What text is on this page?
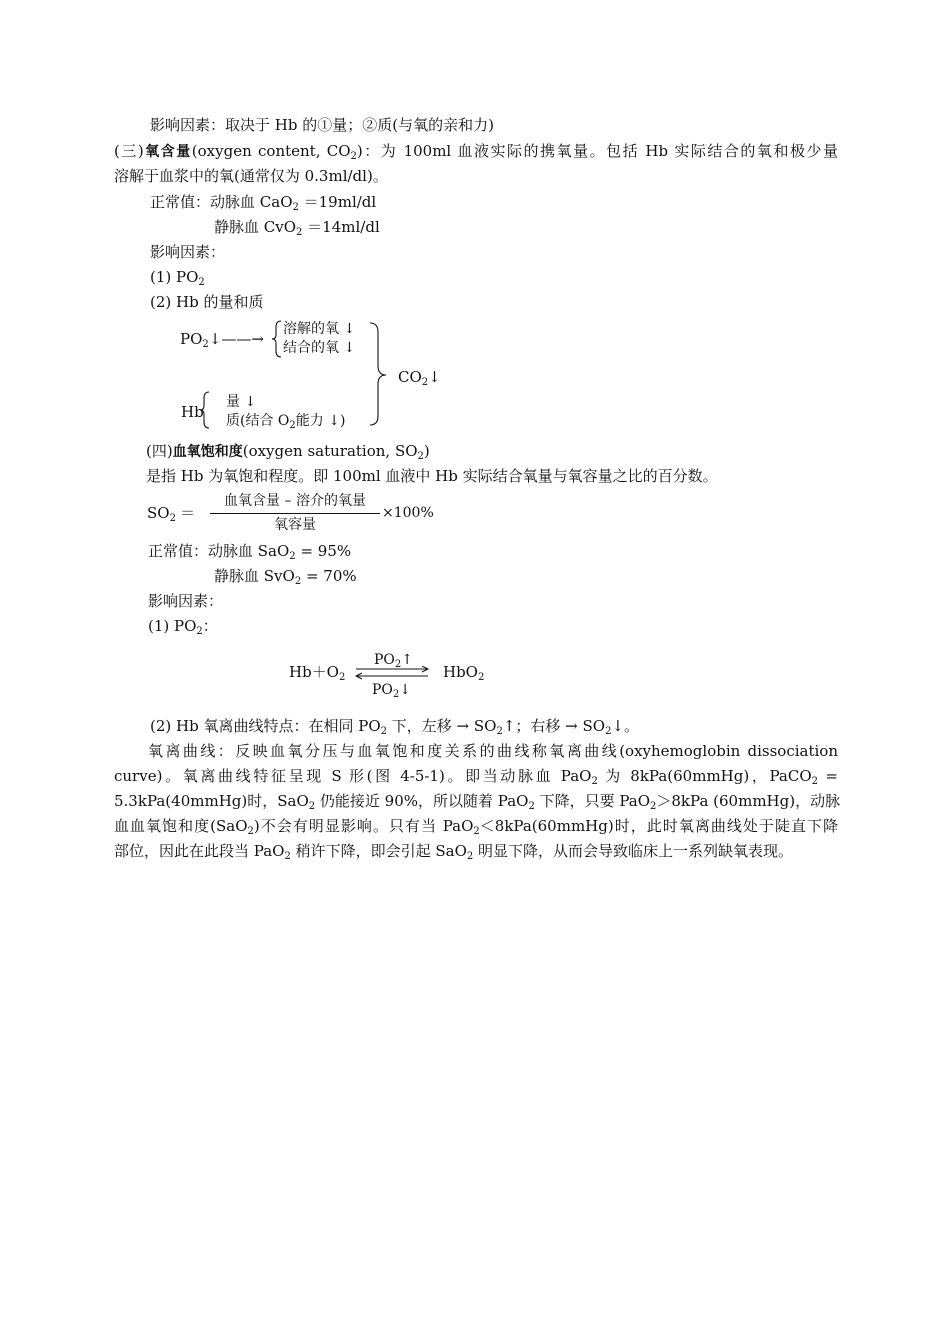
影响因素：取决于 Hb 的①量；②质(与氧的亲和力)
(三)氧含量(oxygen content, $CO_2$)：为 100ml 血液实际的携氧量。包括 Hb 实际结合的氧和极少量
溶解于血浆中的氧(通常仅为 0.3ml/dl)。
正常值：动脉血 CaO$_2$ ＝19ml/dl
静脉血 CvO$_2$ ＝14ml/dl
影响因素：
(1) $PO_2$
(2) Hb 的量和质
$PO_2↓——\to$
溶解的氧 ↓
结合的氧 ↓
$CO_2↓$
Hb
量 ↓
质(结合 $O_2$能力 ↓)
(四)血氧饱和度(oxygen saturation, $SO_2$)
是指 Hb 为氧饱和程度。即 100ml 血液中 Hb 实际结合氧量与氧容量之比的百分数。
$SO_2$ ＝
血氧含量 – 溶介的氧量
氧容量
×100%
正常值：动脉血 SaO$_2$ = 95%
静脉血 SvO$_2$ = 70%
影响因素：
(1) $PO_2$：
$Hb+O_2$
$PO_2↑$
$PO_2↓$
HbO$_2$
(2) Hb 氧离曲线特点：在相同 $PO_2$ 下，左移 → $SO_2↑$；右移 → $SO_2↓$。
氧离曲线：反映血氧分压与血氧饱和度关系的曲线称氧离曲线(oxyhemoglobin dissociation
curve)。氧离曲线特征呈现 S 形(图 4-5-1)。即当动脉血 PaO$_2$ 为 8kPa(60mmHg)，PaCO$_2$ =
5.3kPa(40mmHg)时，SaO$_2$ 仍能接近 90%，所以随着 PaO$_2$ 下降，只要 PaO$_2$＞8kPa (60mmHg)，动脉
血血氧饱和度(SaO$_2$)不会有明显影响。只有当 PaO$_2$＜8kPa(60mmHg)时，此时氧离曲线处于陡直下降
部位，因此在此段当 PaO$_2$ 稍许下降，即会引起 SaO$_2$ 明显下降，从而会导致临床上一系列缺氧表现。
